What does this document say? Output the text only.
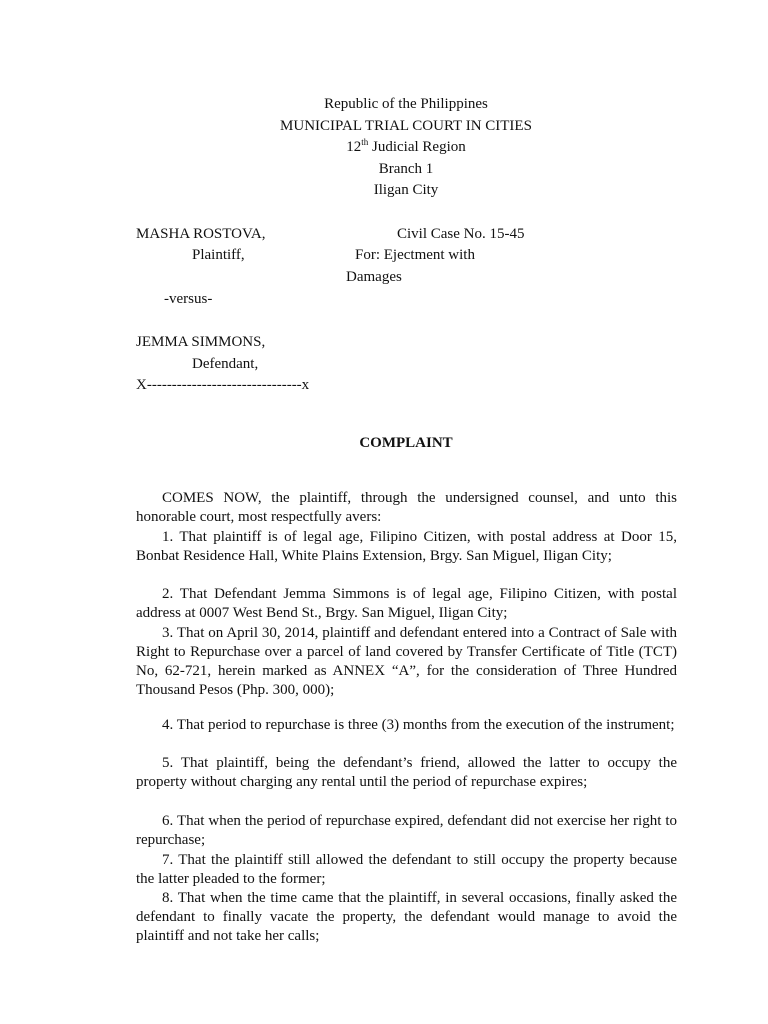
Republic of the Philippines
MUNICIPAL TRIAL COURT IN CITIES
12th Judicial Region
Branch 1
Iligan City
MASHA ROSTOVA,	Civil Case No. 15-45
Plaintiff,	For: Ejectment with
Damages
-versus-
JEMMA SIMMONS,
Defendant,
X-------------------------------x
COMPLAINT
COMES NOW, the plaintiff, through the undersigned counsel, and unto this honorable court, most respectfully avers:
1. That plaintiff is of legal age, Filipino Citizen, with postal address at Door 15, Bonbat Residence Hall, White Plains Extension, Brgy. San Miguel, Iligan City;
2. That Defendant Jemma Simmons is of legal age, Filipino Citizen, with postal address at 0007 West Bend St., Brgy. San Miguel, Iligan City;
3. That on April 30, 2014, plaintiff and defendant entered into a Contract of Sale with Right to Repurchase over a parcel of land covered by Transfer Certificate of Title (TCT) No, 62-721, herein marked as ANNEX “A”, for the consideration of Three Hundred Thousand Pesos (Php. 300, 000);
4. That period to repurchase is three (3) months from the execution of the instrument;
5. That plaintiff, being the defendant’s friend, allowed the latter to occupy the property without charging any rental until the period of repurchase expires;
6. That when the period of repurchase expired, defendant did not exercise her right to repurchase;
7. That the plaintiff still allowed the defendant to still occupy the property because the latter pleaded to the former;
8. That when the time came that the plaintiff, in several occasions, finally asked the defendant to finally vacate the property, the defendant would manage to avoid the plaintiff and not take her calls;
